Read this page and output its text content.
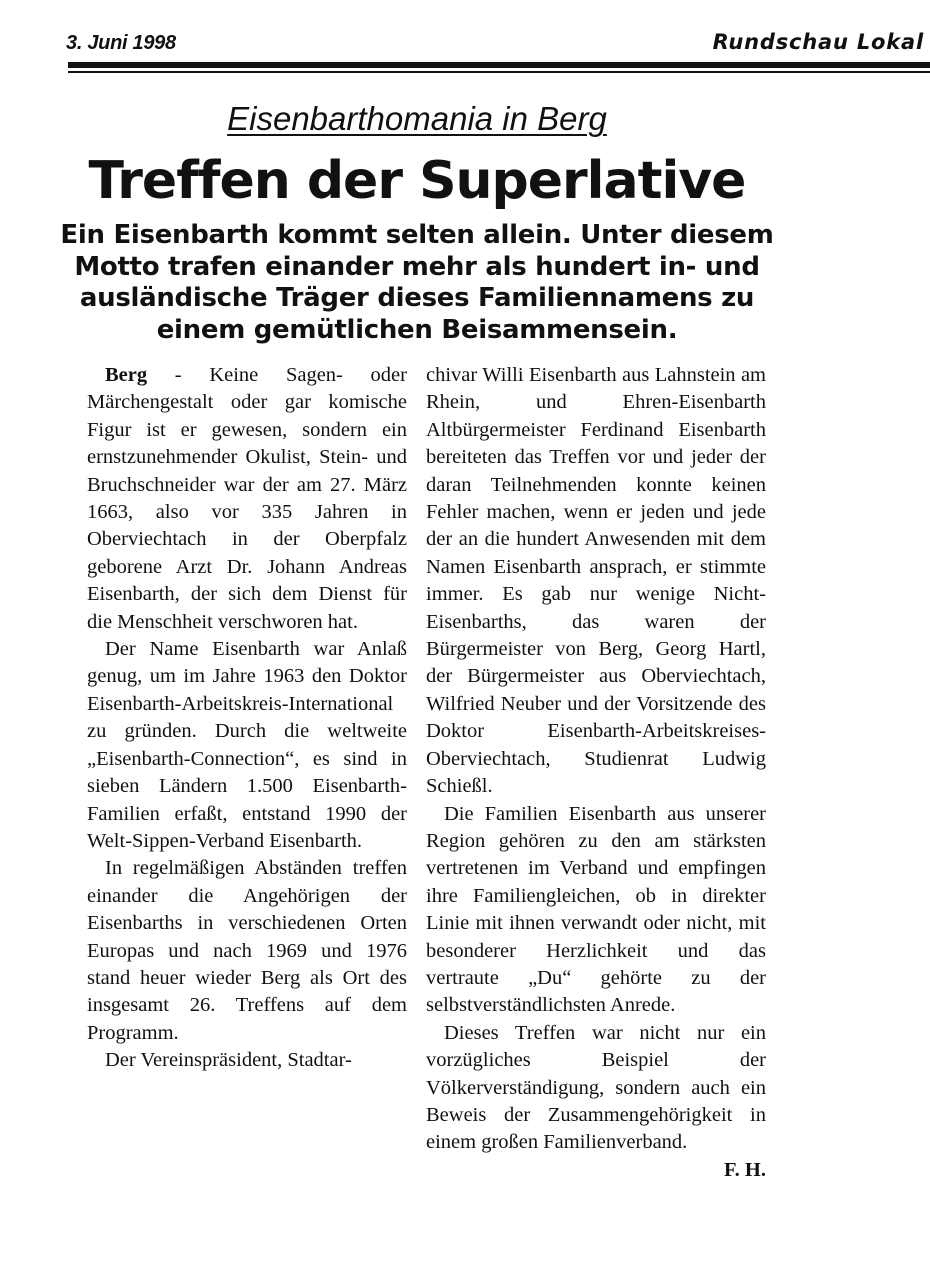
3. Juni 1998	Rundschau Lokal
Eisenbarthomania in Berg
Treffen der Superlative
Ein Eisenbarth kommt selten allein. Unter diesem Motto trafen einander mehr als hundert in- und ausländische Träger dieses Familiennamens zu einem gemütlichen Beisammensein.

Berg - Keine Sagen- oder Märchengestalt oder gar komische Figur ist er gewesen, sondern ein ernstzunehmender Okulist, Stein- und Bruchschneider war der am 27. März 1663, also vor 335 Jahren in Oberviechtach in der Oberpfalz geborene Arzt Dr. Johann Andreas Eisenbarth, der sich dem Dienst für die Menschheit verschworen hat.

Der Name Eisenbarth war Anlaß genug, um im Jahre 1963 den Doktor Eisenbarth-Arbeitskreis-International zu gründen. Durch die weltweite „Eisenbarth-Connection“, es sind in sieben Ländern 1.500 Eisenbarth-Familien erfaßt, entstand 1990 der Welt-Sippen-Verband Eisenbarth.

In regelmäßigen Abständen treffen einander die Angehörigen der Eisenbarths in verschiedenen Orten Europas und nach 1969 und 1976 stand heuer wieder Berg als Ort des insgesamt 26. Treffens auf dem Programm.

Der Vereinspräsident, Stadtar-

chivar Willi Eisenbarth aus Lahnstein am Rhein, und Ehren-Eisenbarth Altbürgermeister Ferdinand Eisenbarth bereiteten das Treffen vor und jeder der daran Teilnehmenden konnte keinen Fehler machen, wenn er jeden und jede der an die hundert Anwesenden mit dem Namen Eisenbarth ansprach, er stimmte immer. Es gab nur wenige Nicht-Eisenbarths, das waren der Bürgermeister von Berg, Georg Hartl, der Bürgermeister aus Oberviechtach, Wilfried Neuber und der Vorsitzende des Doktor Eisenbarth-Arbeitskreises-Oberviechtach, Studienrat Ludwig Schießl.

Die Familien Eisenbarth aus unserer Region gehören zu den am stärksten vertretenen im Verband und empfingen ihre Familiengleichen, ob in direkter Linie mit ihnen verwandt oder nicht, mit besonderer Herzlichkeit und das vertraute „Du“ gehörte zu der selbstverständlichsten Anrede.

Dieses Treffen war nicht nur ein vorzügliches Beispiel der Völkerverständigung, sondern auch ein Beweis der Zusammengehörigkeit in einem großen Familienverband.
F. H.
